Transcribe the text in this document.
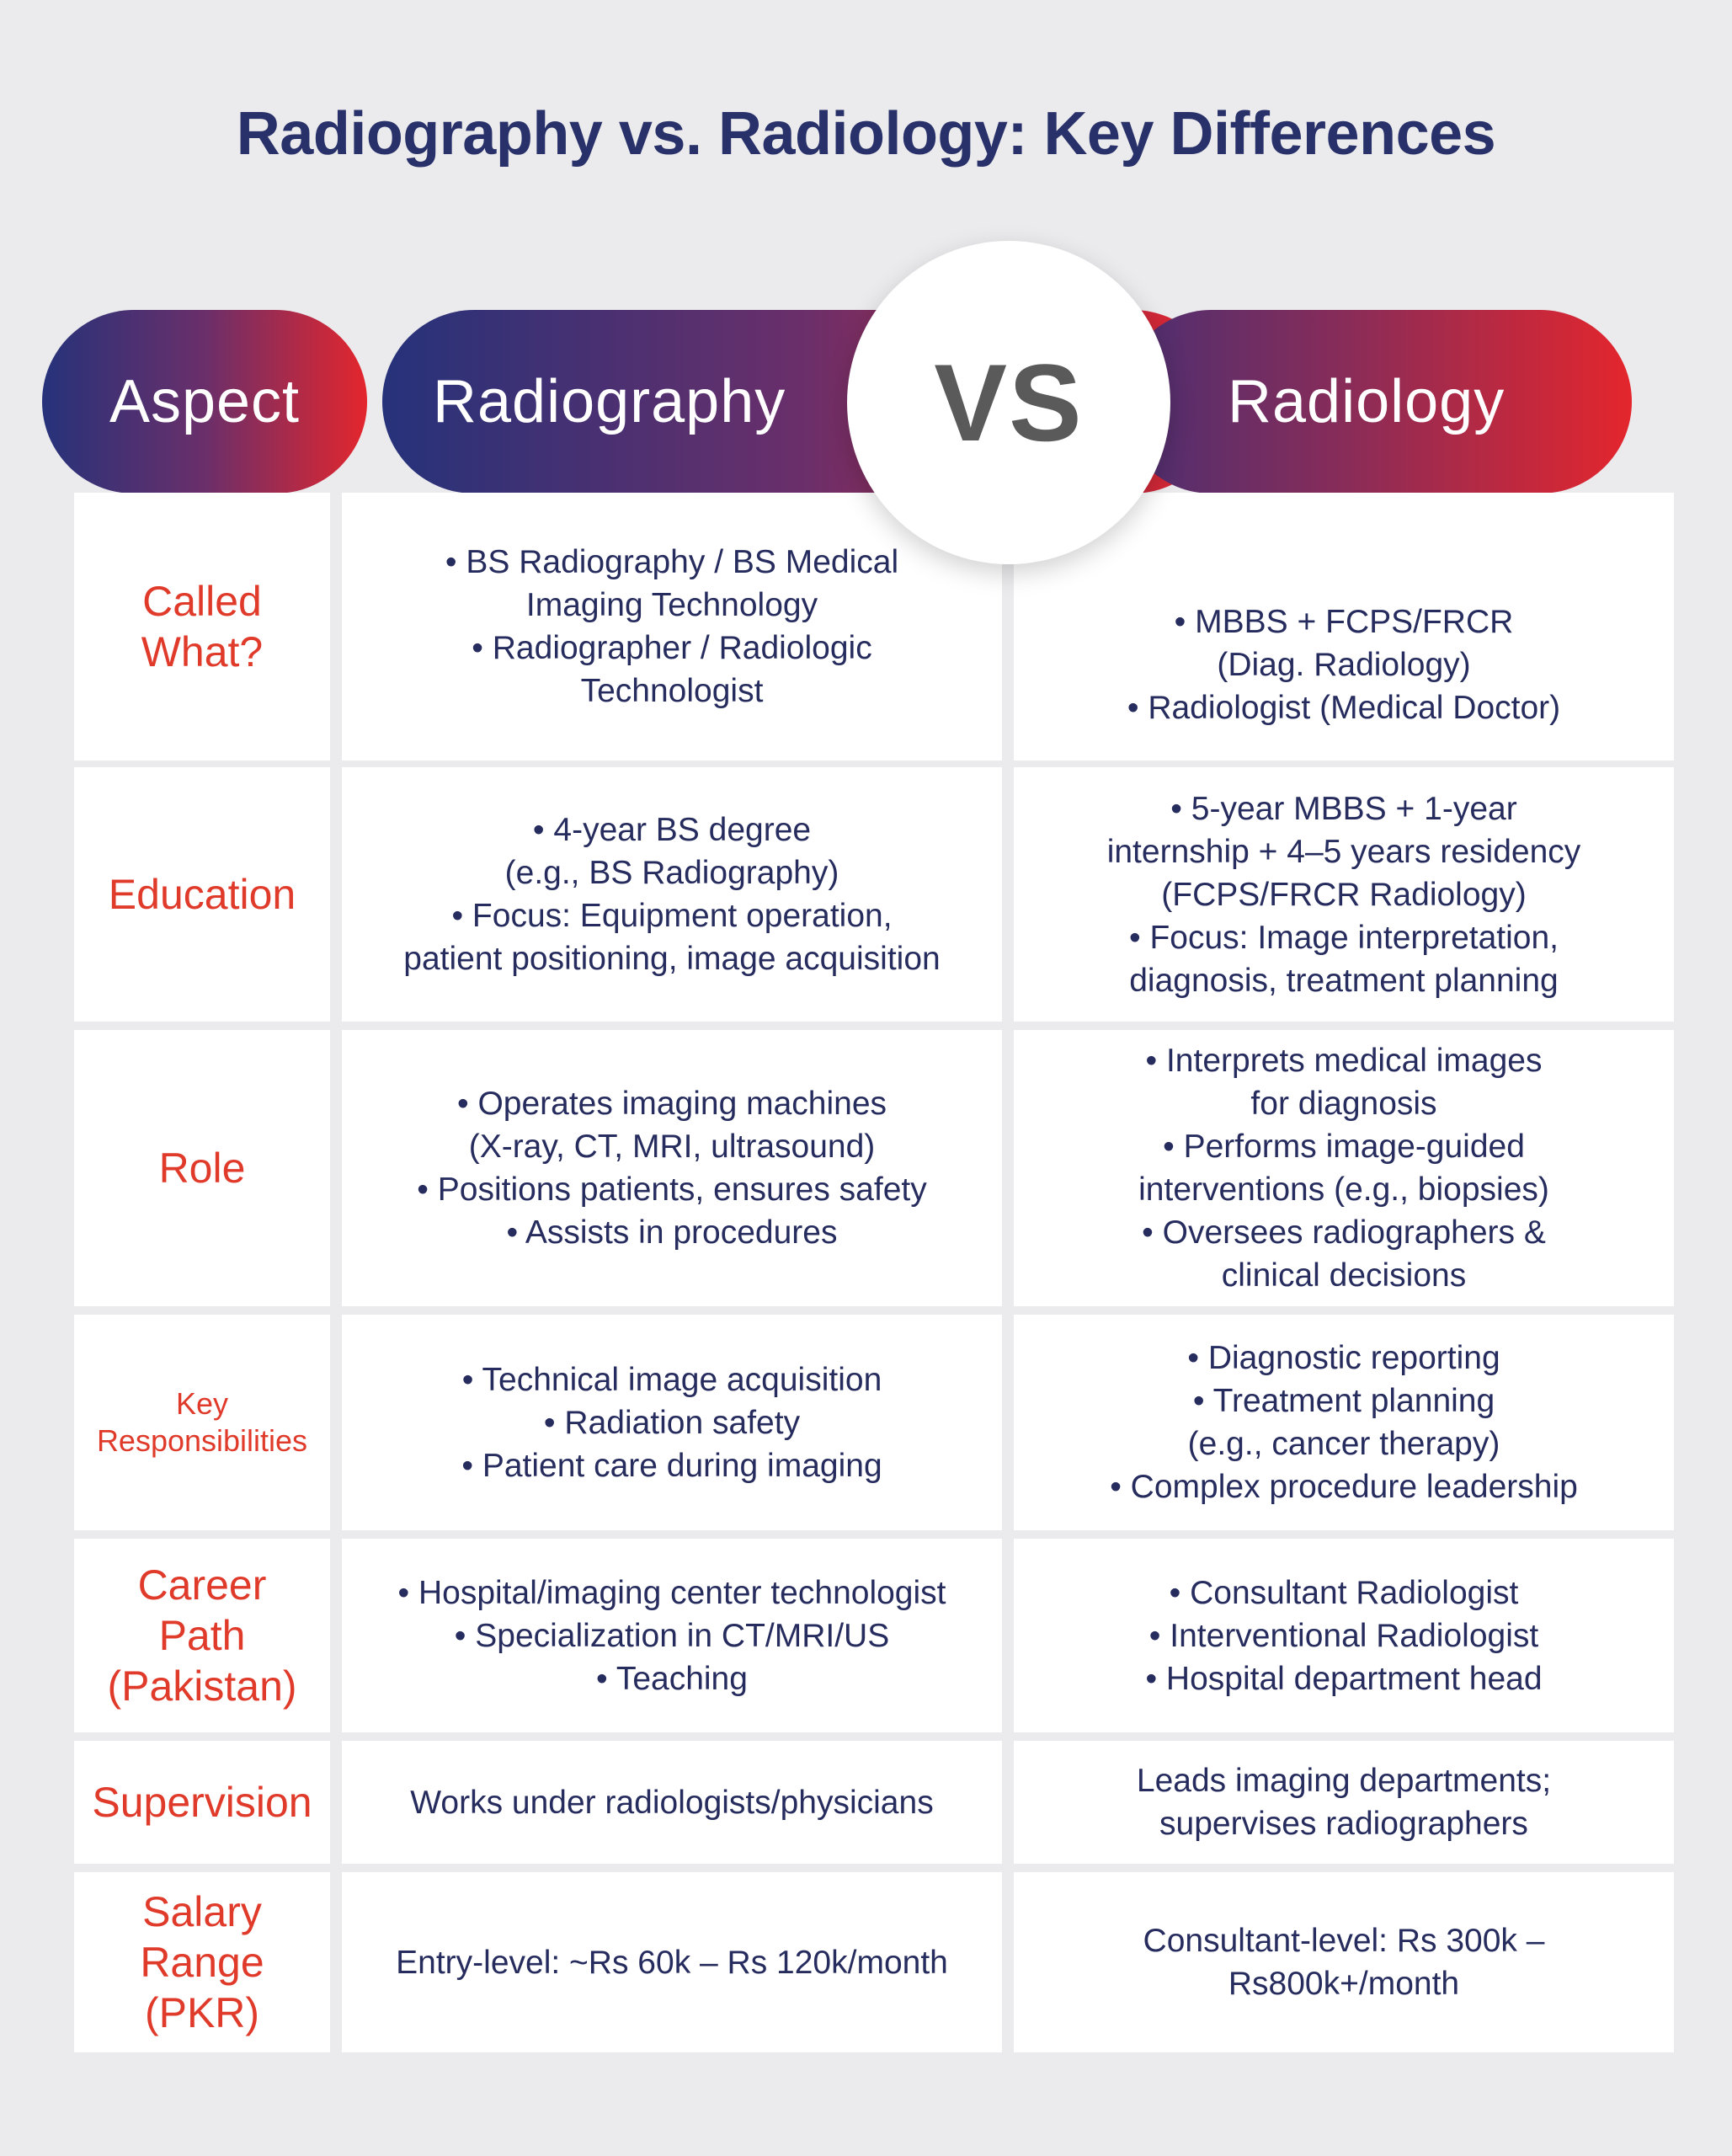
Radiography vs. Radiology: Key Differences
Aspect Radiography	Radiology
VS
Called
What?
• BS Radiography / BS Medical
Imaging Technology
• Radiographer / Radiologic
Technologist
• MBBS + FCPS/FRCR
(Diag. Radiology)
• Radiologist (Medical Doctor)
Education
• 4-year BS degree
(e.g., BS Radiography)
• Focus: Equipment operation,
patient positioning, image acquisition
• 5-year MBBS + 1-year
internship + 4–5 years residency
(FCPS/FRCR Radiology)
• Focus: Image interpretation,
diagnosis, treatment planning
Role
• Operates imaging machines
(X-ray, CT, MRI, ultrasound)
• Positions patients, ensures safety
• Assists in procedures
• Interprets medical images
for diagnosis
• Performs image-guided
interventions (e.g., biopsies)
• Oversees radiographers &
clinical decisions
Key
Responsibilities
• Technical image acquisition
• Radiation safety
• Patient care during imaging
• Diagnostic reporting
• Treatment planning
(e.g., cancer therapy)
• Complex procedure leadership
Career
Path
(Pakistan)
• Hospital/imaging center technologist
• Specialization in CT/MRI/US
• Teaching
• Consultant Radiologist
• Interventional Radiologist
• Hospital department head
Supervision	Works under radiologists/physicians
Leads imaging departments;
supervises radiographers
Salary
Range
(PKR)
Entry-level: ~Rs 60k – Rs 120k/month
Consultant-level: Rs 300k –
Rs800k+/month
